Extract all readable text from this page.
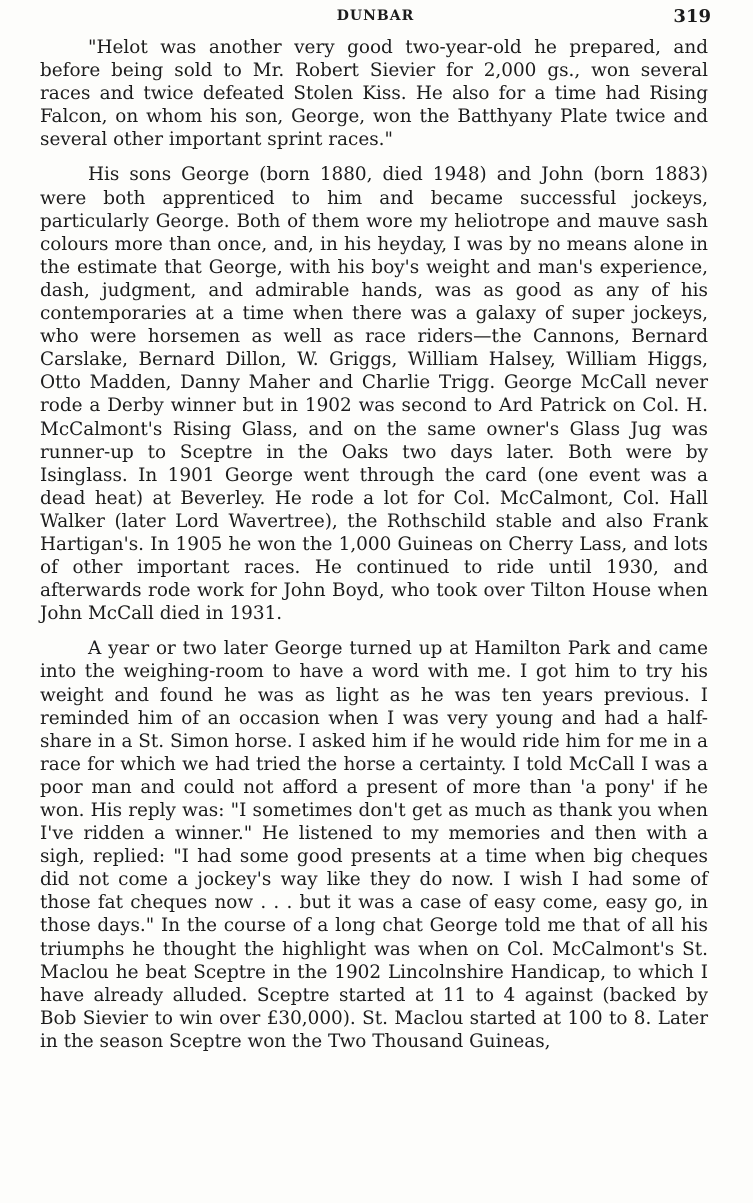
DUNBAR	319

"Helot was another very good two-year-old he prepared, and before being sold to Mr. Robert Sievier for 2,000 gs., won several races and twice defeated Stolen Kiss. He also for a time had Rising Falcon, on whom his son, George, won the Batthyany Plate twice and several other important sprint races."

His sons George (born 1880, died 1948) and John (born 1883) were both apprenticed to him and became successful jockeys, particularly George. Both of them wore my heliotrope and mauve sash colours more than once, and, in his heyday, I was by no means alone in the estimate that George, with his boy's weight and man's experience, dash, judgment, and admirable hands, was as good as any of his contemporaries at a time when there was a galaxy of super jockeys, who were horsemen as well as race riders—the Cannons, Bernard Carslake, Bernard Dillon, W. Griggs, William Halsey, William Higgs, Otto Madden, Danny Maher and Charlie Trigg. George McCall never rode a Derby winner but in 1902 was second to Ard Patrick on Col. H. McCalmont's Rising Glass, and on the same owner's Glass Jug was runner-up to Sceptre in the Oaks two days later. Both were by Isinglass. In 1901 George went through the card (one event was a dead heat) at Beverley. He rode a lot for Col. McCalmont, Col. Hall Walker (later Lord Wavertree), the Rothschild stable and also Frank Hartigan's. In 1905 he won the 1,000 Guineas on Cherry Lass, and lots of other important races. He continued to ride until 1930, and afterwards rode work for John Boyd, who took over Tilton House when John McCall died in 1931.

A year or two later George turned up at Hamilton Park and came into the weighing-room to have a word with me. I got him to try his weight and found he was as light as he was ten years previous. I reminded him of an occasion when I was very young and had a half-share in a St. Simon horse. I asked him if he would ride him for me in a race for which we had tried the horse a certainty. I told McCall I was a poor man and could not afford a present of more than 'a pony' if he won. His reply was: "I sometimes don't get as much as thank you when I've ridden a winner." He listened to my memories and then with a sigh, replied: "I had some good presents at a time when big cheques did not come a jockey's way like they do now. I wish I had some of those fat cheques now . . . but it was a case of easy come, easy go, in those days." In the course of a long chat George told me that of all his triumphs he thought the highlight was when on Col. McCalmont's St. Maclou he beat Sceptre in the 1902 Lincolnshire Handicap, to which I have already alluded. Sceptre started at 11 to 4 against (backed by Bob Sievier to win over £30,000). St. Maclou started at 100 to 8. Later in the season Sceptre won the Two Thousand Guineas,
